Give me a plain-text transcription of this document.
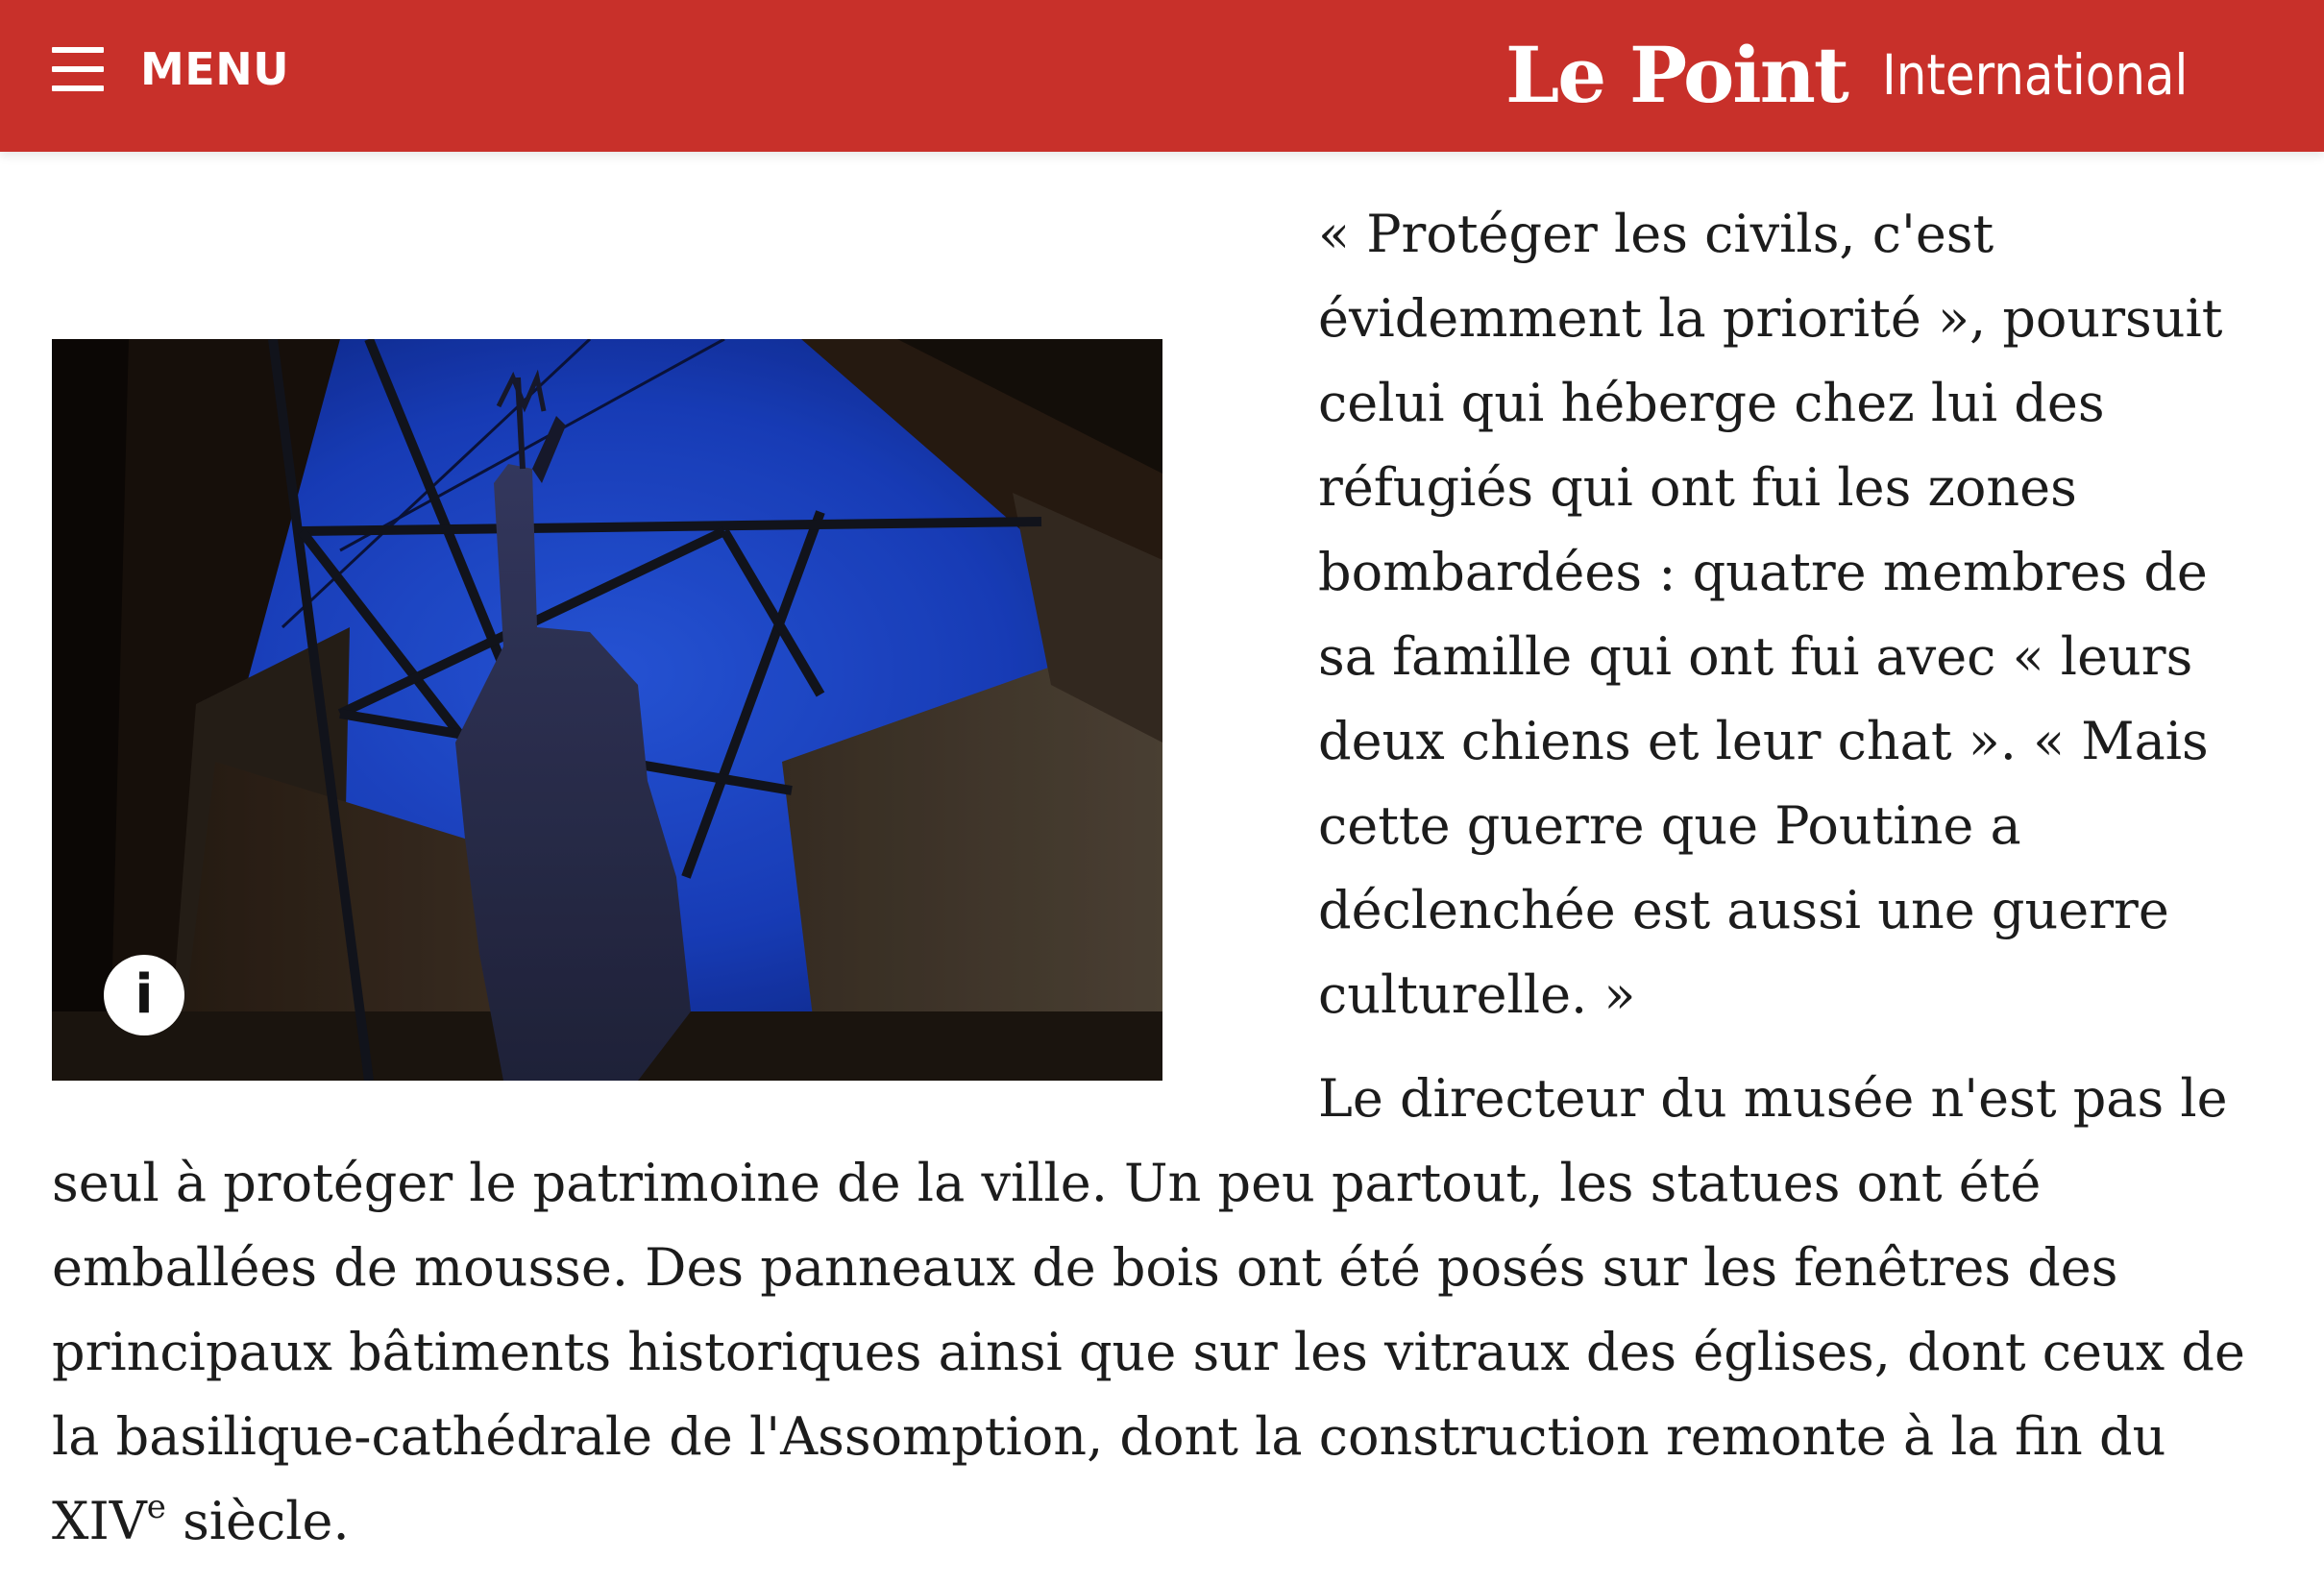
MENU	Le Point International
i

« Protéger les civils, c'est évidemment la priorité », poursuit celui qui héberge chez lui des réfugiés qui ont fui les zones bombardées : quatre membres de sa famille qui ont fui avec « leurs deux chiens et leur chat ». « Mais cette guerre que Poutine a déclenchée est aussi une guerre culturelle. »

Le directeur du musée n'est pas le seul à protéger le patrimoine de la ville. Un peu partout, les statues ont été emballées de mousse. Des panneaux de bois ont été posés sur les fenêtres des principaux bâtiments historiques ainsi que sur les vitraux des églises, dont ceux de la basilique-cathédrale de l'Assomption, dont la construction remonte à la fin du XIVe siècle.
